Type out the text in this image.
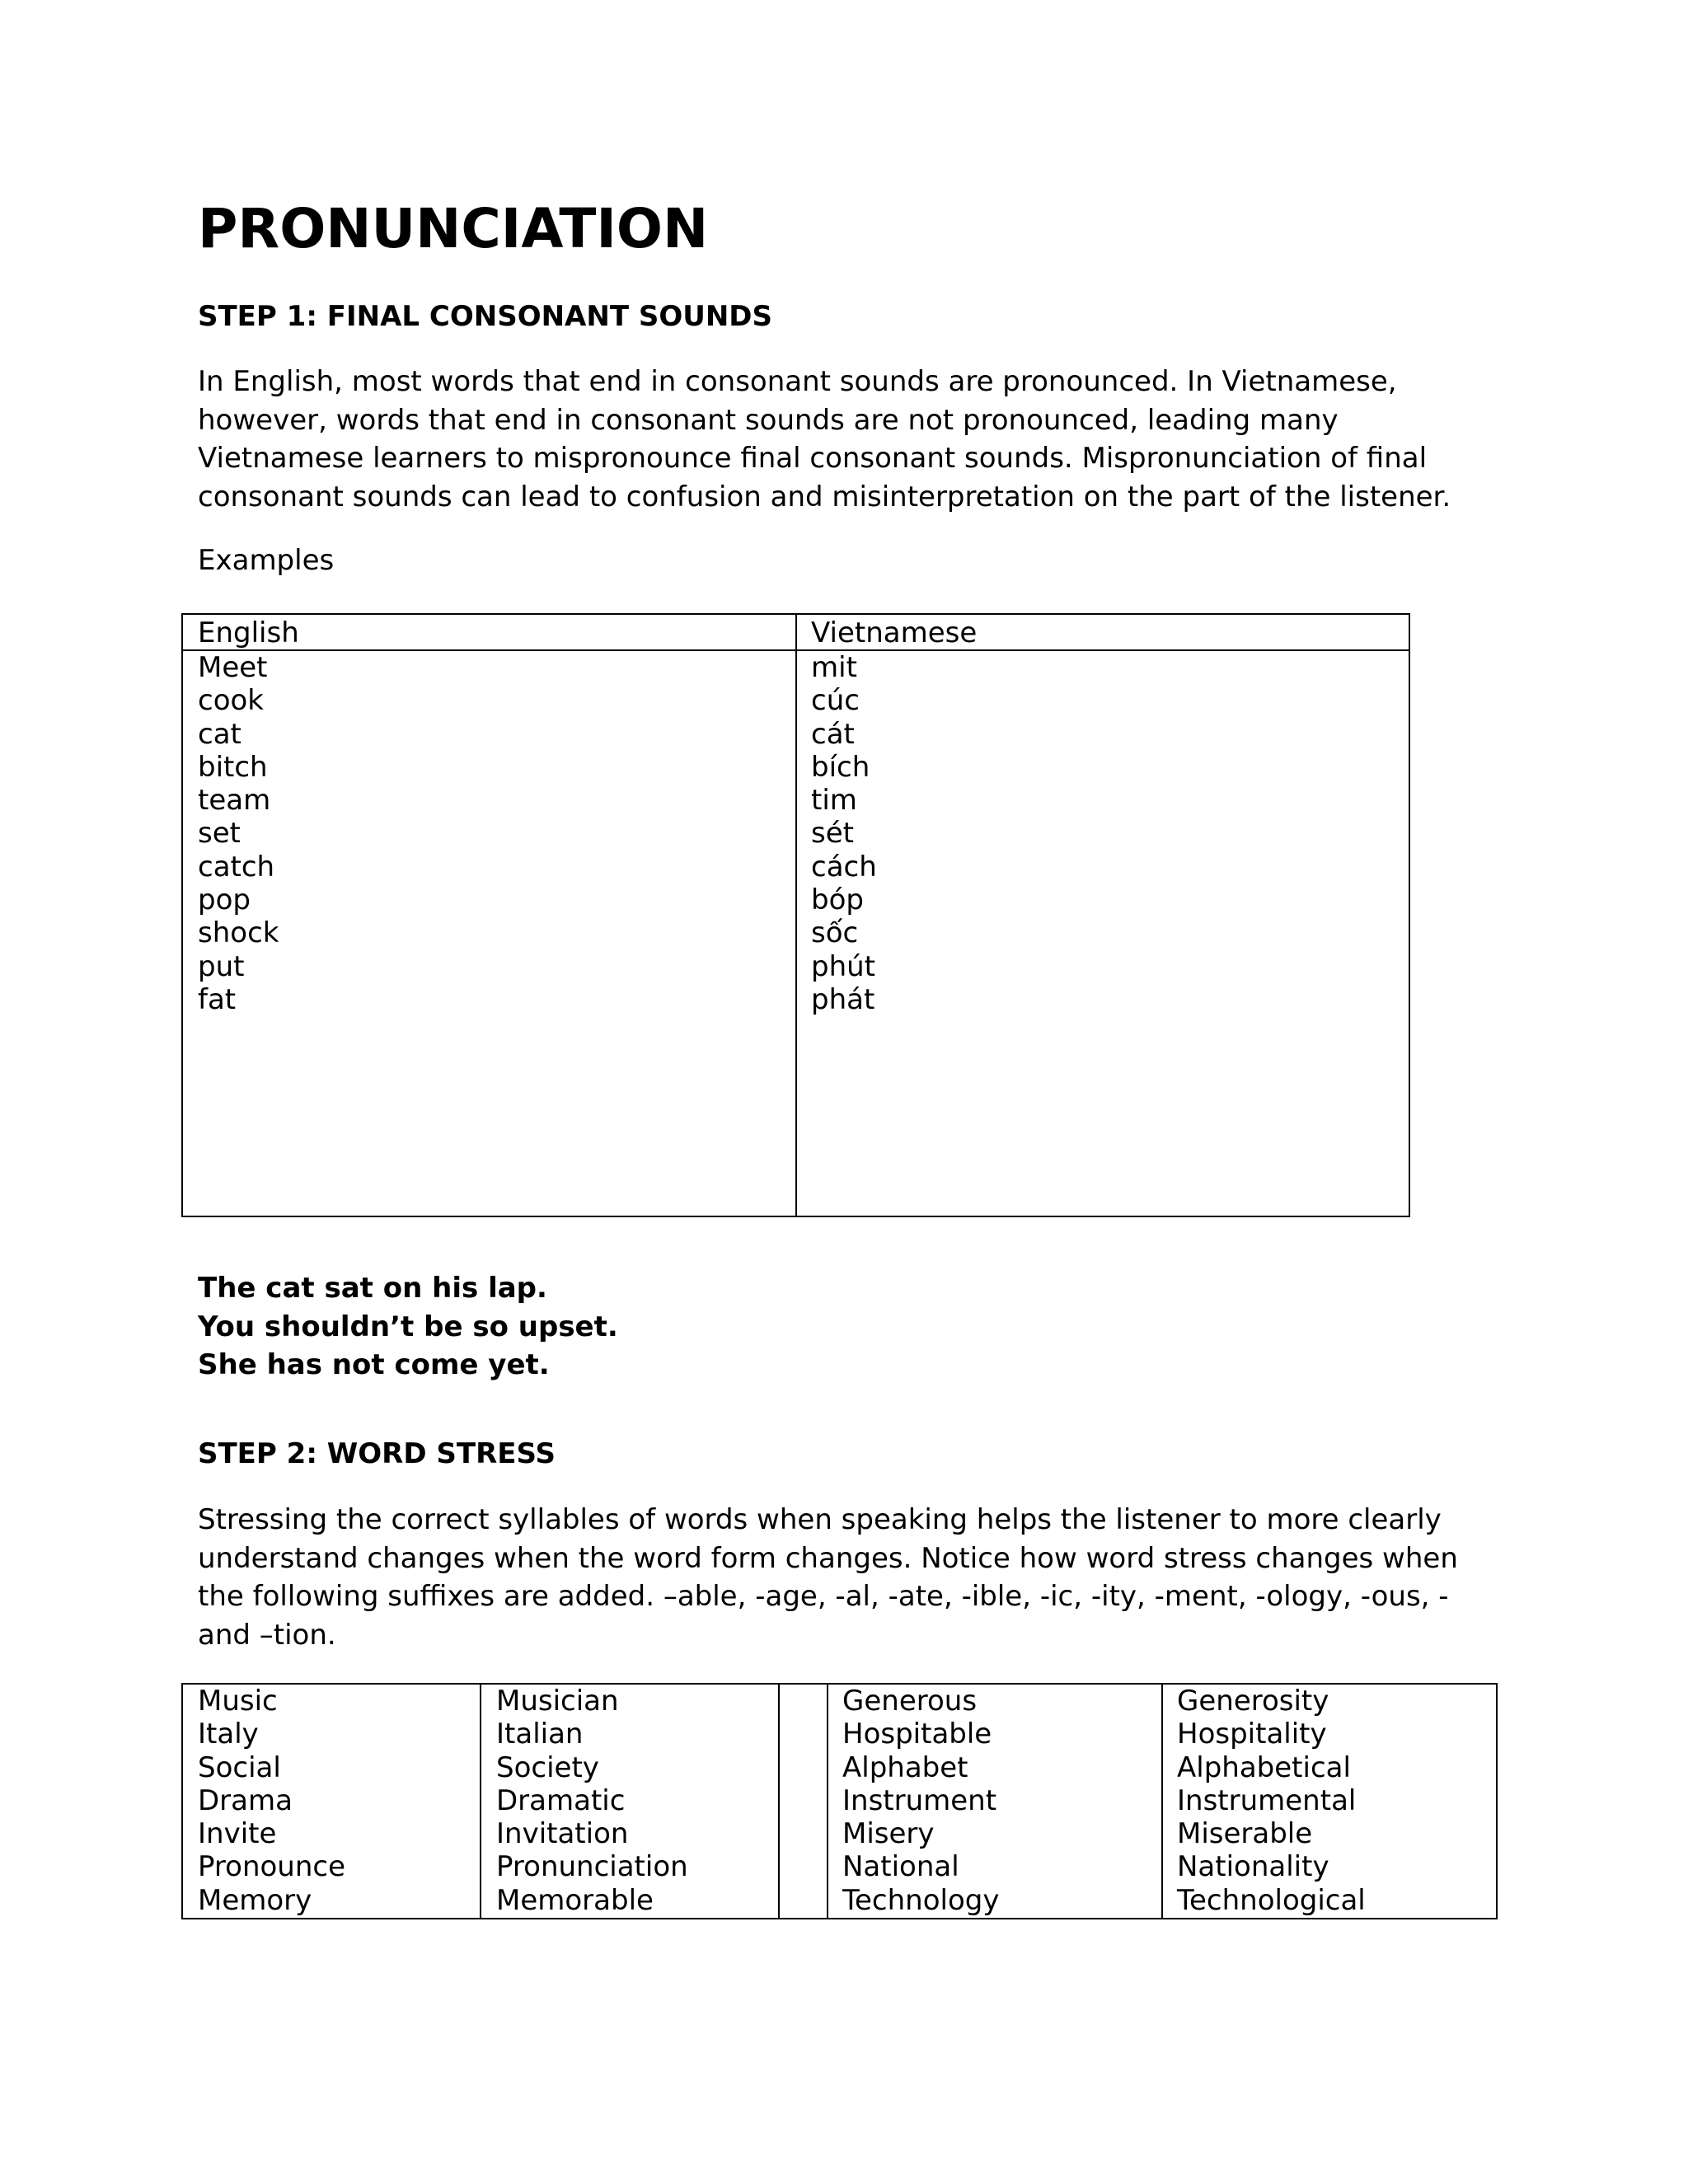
PRONUNCIATION
STEP 1: FINAL CONSONANT SOUNDS
In English, most words that end in consonant sounds are pronounced. In Vietnamese,
however, words that end in consonant sounds are not pronounced, leading many
Vietnamese learners to mispronounce final consonant sounds. Mispronunciation of final
consonant sounds can lead to confusion and misinterpretation on the part of the listener.
Examples
English	Vietnamese
Meet
cook
cat
bitch
team
set
catch
pop
shock
put
fat
mit
cúc
cát
bích
tim
sét
cách
bóp
sốc
phút
phát
The cat sat on his lap.
You shouldn’t be so upset.
She has not come yet.
STEP 2: WORD STRESS
Stressing the correct syllables of words when speaking helps the listener to more clearly
understand changes when the word form changes. Notice how word stress changes when
the following suffixes are added. –able, -age, -al, -ate, -ible, -ic, -ity, -ment, -ology, -ous, -
and –tion.
Music
Italy
Social
Drama
Invite
Pronounce
Memory
Musician
Italian
Society
Dramatic
Invitation
Pronunciation
Memorable
Generous
Hospitable
Alphabet
Instrument
Misery
National
Technology
Generosity
Hospitality
Alphabetical
Instrumental
Miserable
Nationality
Technological
